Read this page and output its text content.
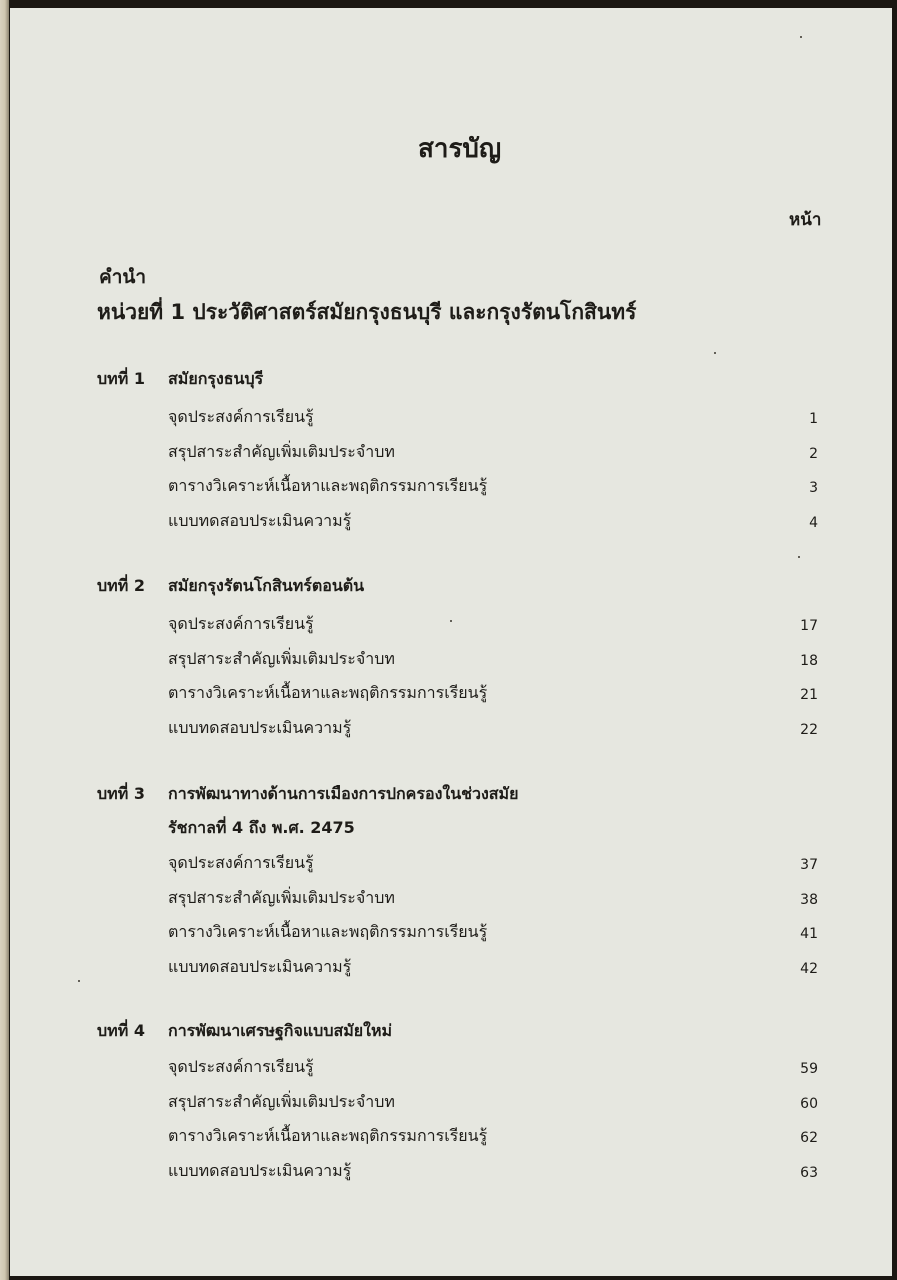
สารบัญ
หน้า
คำนำ
หน่วยที่ 1 ประวัติศาสตร์สมัยกรุงธนบุรี และกรุงรัตนโกสินทร์
บทที่ 1 สมัยกรุงธนบุรี
จุดประสงค์การเรียนรู้	1
สรุปสาระสำคัญเพิ่มเติมประจำบท	2
ตารางวิเคราะห์เนื้อหาและพฤติกรรมการเรียนรู้	3
แบบทดสอบประเมินความรู้	4
บทที่ 2 สมัยกรุงรัตนโกสินทร์ตอนต้น
จุดประสงค์การเรียนรู้	17
สรุปสาระสำคัญเพิ่มเติมประจำบท	18
ตารางวิเคราะห์เนื้อหาและพฤติกรรมการเรียนรู้	21
แบบทดสอบประเมินความรู้	22
บทที่ 3 การพัฒนาทางด้านการเมืองการปกครองในช่วงสมัย
รัชกาลที่ 4 ถึง พ.ศ. 2475
จุดประสงค์การเรียนรู้	37
สรุปสาระสำคัญเพิ่มเติมประจำบท	38
ตารางวิเคราะห์เนื้อหาและพฤติกรรมการเรียนรู้	41
แบบทดสอบประเมินความรู้	42
บทที่ 4 การพัฒนาเศรษฐกิจแบบสมัยใหม่
จุดประสงค์การเรียนรู้	59
สรุปสาระสำคัญเพิ่มเติมประจำบท	60
ตารางวิเคราะห์เนื้อหาและพฤติกรรมการเรียนรู้	62
แบบทดสอบประเมินความรู้	63
